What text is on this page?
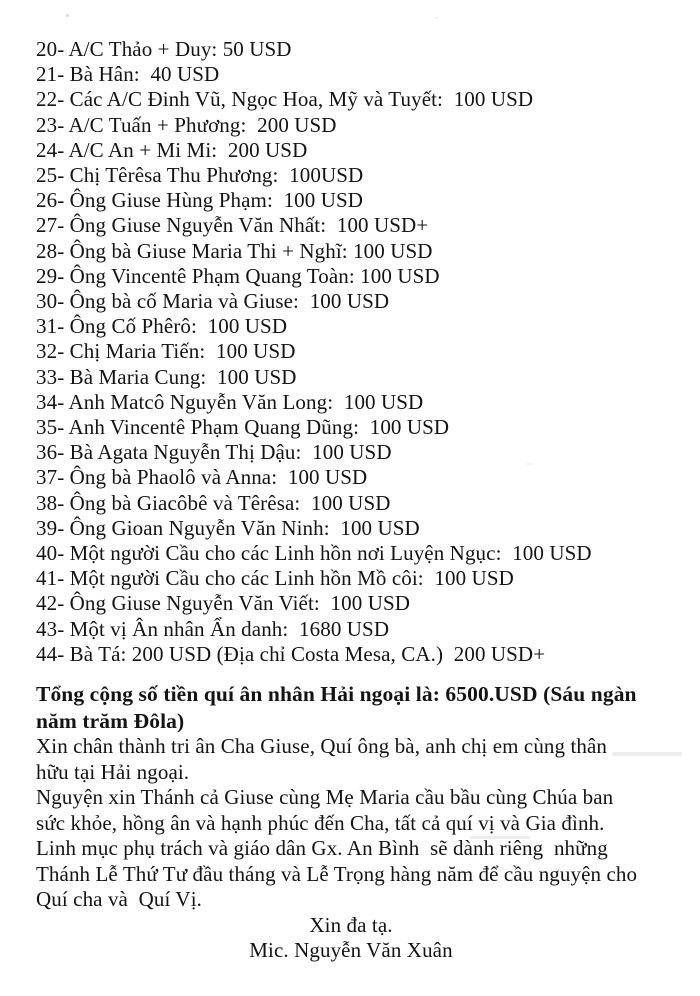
20- A/C Thảo + Duy: 50 USD
21- Bà Hân:  40 USD
22- Các A/C Đinh Vũ, Ngọc Hoa, Mỹ và Tuyết:  100 USD
23- A/C Tuấn + Phương:  200 USD
24- A/C An + Mi Mi:  200 USD
25- Chị Têrêsa Thu Phương:  100USD
26- Ông Giuse Hùng Phạm:  100 USD
27- Ông Giuse Nguyễn Văn Nhất:  100 USD+
28- Ông bà Giuse Maria Thi + Nghĩ: 100 USD
29- Ông Vincentê Phạm Quang Toàn: 100 USD
30- Ông bà cố Maria và Giuse:  100 USD
31- Ông Cố Phêrô:  100 USD
32- Chị Maria Tiến:  100 USD
33- Bà Maria Cung:  100 USD
34- Anh Matcô Nguyễn Văn Long:  100 USD
35- Anh Vincentê Phạm Quang Dũng:  100 USD
36- Bà Agata Nguyễn Thị Dậu:  100 USD
37- Ông bà Phaolô và Anna:  100 USD
38- Ông bà Giacôbê và Têrêsa:  100 USD
39- Ông Gioan Nguyễn Văn Ninh:  100 USD
40- Một người Cầu cho các Linh hồn nơi Luyện Ngục:  100 USD
41- Một người Cầu cho các Linh hồn Mồ côi:  100 USD
42- Ông Giuse Nguyễn Văn Viết:  100 USD
43- Một vị Ân nhân Ẩn danh:  1680 USD
44- Bà Tá: 200 USD (Địa chỉ Costa Mesa, CA.)  200 USD+
Tổng cộng số tiền quí ân nhân Hải ngoại là: 6500.USD (Sáu ngàn
năm trăm Đôla)
Xin chân thành tri ân Cha Giuse, Quí ông bà, anh chị em cùng thân
hữu tại Hải ngoại.
Nguyện xin Thánh cả Giuse cùng Mẹ Maria cầu bầu cùng Chúa ban
sức khỏe, hồng ân và hạnh phúc đến Cha, tất cả quí vị và Gia đình.
Linh mục phụ trách và giáo dân Gx. An Bình  sẽ dành riêng  những
Thánh Lễ Thứ Tư đầu tháng và Lễ Trọng hàng năm để cầu nguyện cho
Quí cha và  Quí Vị.
Xin đa tạ.
Mic. Nguyễn Văn Xuân
